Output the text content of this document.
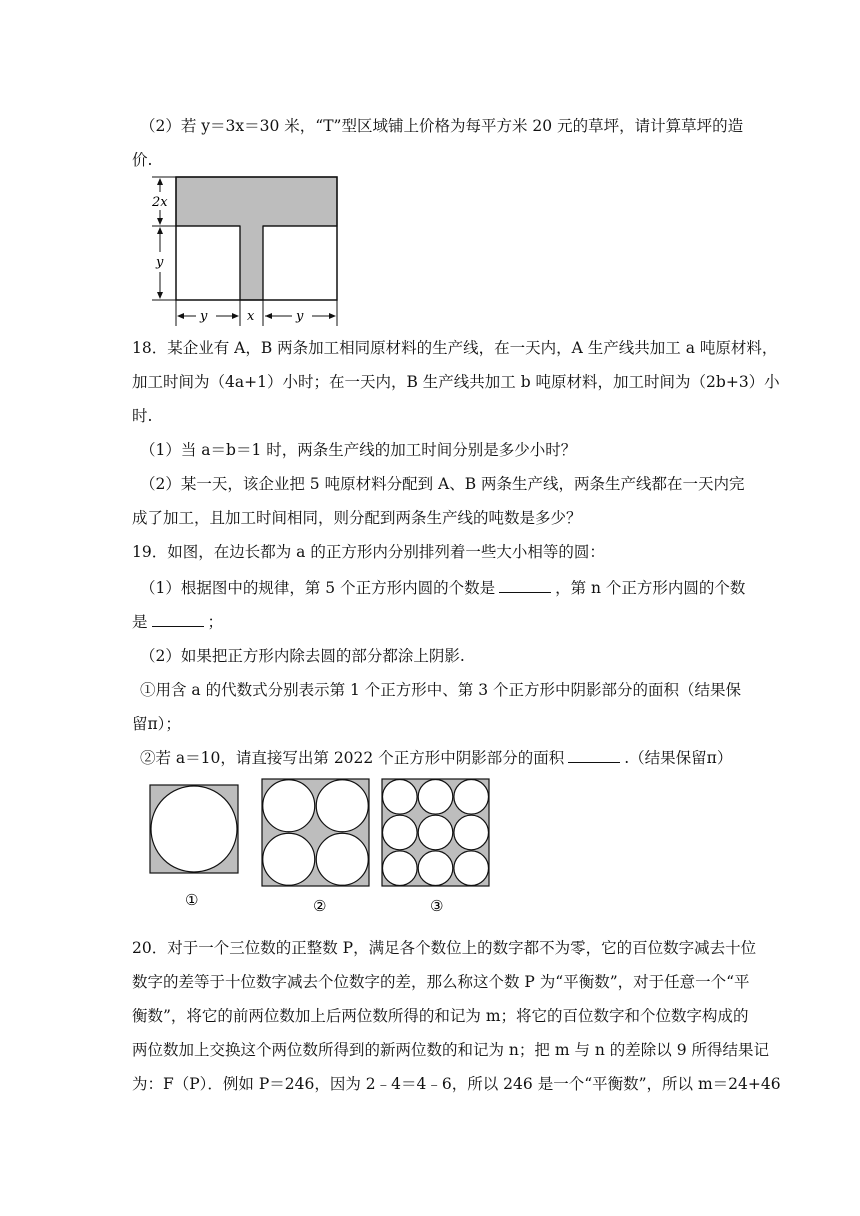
（2）若 y＝3x＝30 米，“T”型区域铺上价格为每平方米 20 元的草坪，请计算草坪的造
价.
2x
y
y	x	y
18．某企业有 A，B 两条加工相同原材料的生产线，在一天内，A 生产线共加工 a 吨原材料，
加工时间为（4a+1）小时；在一天内，B 生产线共加工 b 吨原材料，加工时间为（2b+3）小
时.
（1）当 a＝b＝1 时，两条生产线的加工时间分别是多少小时？
（2）某一天，该企业把 5 吨原材料分配到 A、B 两条生产线，两条生产线都在一天内完
成了加工，且加工时间相同，则分配到两条生产线的吨数是多少？
19．如图，在边长都为 a 的正方形内分别排列着一些大小相等的圆：
（1）根据图中的规律，第 5 个正方形内圆的个数是	，第 n 个正方形内圆的个数
是	；
（2）如果把正方形内除去圆的部分都涂上阴影.
①用含 a 的代数式分别表示第 1 个正方形中、第 3 个正方形中阴影部分的面积（结果保
留π）；
②若 a＝10，请直接写出第 2022 个正方形中阴影部分的面积	.（结果保留π）
①	②	③
20．对于一个三位数的正整数 P，满足各个数位上的数字都不为零，它的百位数字减去十位
数字的差等于十位数字减去个位数字的差，那么称这个数 P 为“平衡数”，对于任意一个“平
衡数”，将它的前两位数加上后两位数所得的和记为 m；将它的百位数字和个位数字构成的
两位数加上交换这个两位数所得到的新两位数的和记为 n；把 m 与 n 的差除以 9 所得结果记
为：F（P）．例如 P＝246，因为 2﹣4＝4﹣6，所以 246 是一个“平衡数”，所以 m＝24+46
